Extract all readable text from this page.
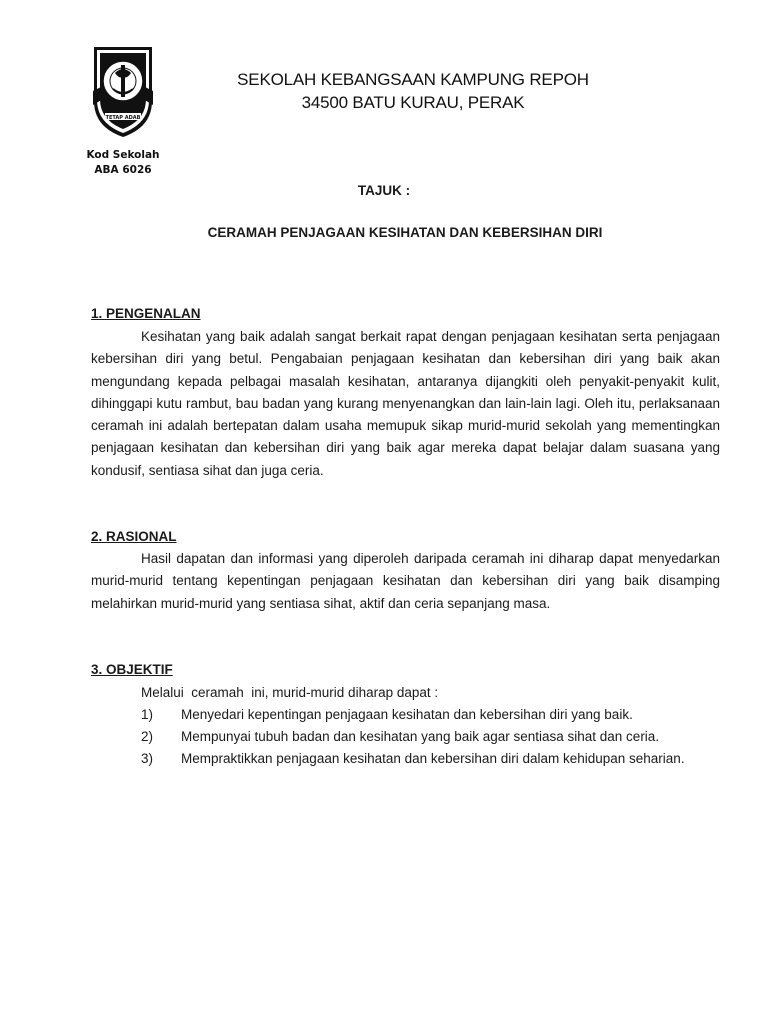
TETAP ADAB
Kod Sekolah
ABA 6026
SEKOLAH KEBANGSAAN KAMPUNG REPOH
34500 BATU KURAU, PERAK
TAJUK :
CERAMAH PENJAGAAN KESIHATAN DAN KEBERSIHAN DIRI
1. PENGENALAN

Kesihatan yang baik adalah sangat berkait rapat dengan penjagaan kesihatan serta penjagaan kebersihan diri yang betul. Pengabaian penjagaan kesihatan dan kebersihan diri yang baik akan mengundang kepada pelbagai masalah kesihatan, antaranya dijangkiti oleh penyakit-penyakit kulit, dihinggapi kutu rambut, bau badan yang kurang menyenangkan dan lain-lain lagi. Oleh itu, perlaksanaan ceramah ini adalah bertepatan dalam usaha memupuk sikap murid-murid sekolah yang mementingkan penjagaan kesihatan dan kebersihan diri yang baik agar mereka dapat belajar dalam suasana yang kondusif, sentiasa sihat dan juga ceria.

2. RASIONAL

Hasil dapatan dan informasi yang diperoleh daripada ceramah ini diharap dapat menyedarkan murid-murid tentang kepentingan penjagaan kesihatan dan kebersihan diri yang baik disamping melahirkan murid-murid yang sentiasa sihat, aktif dan ceria sepanjang masa.

3. OBJEKTIF
Melalui  ceramah  ini, murid-murid diharap dapat :
1) Menyedari kepentingan penjagaan kesihatan dan kebersihan diri yang baik.
2) Mempunyai tubuh badan dan kesihatan yang baik agar sentiasa sihat dan ceria.
3) Mempraktikkan penjagaan kesihatan dan kebersihan diri dalam kehidupan seharian.
